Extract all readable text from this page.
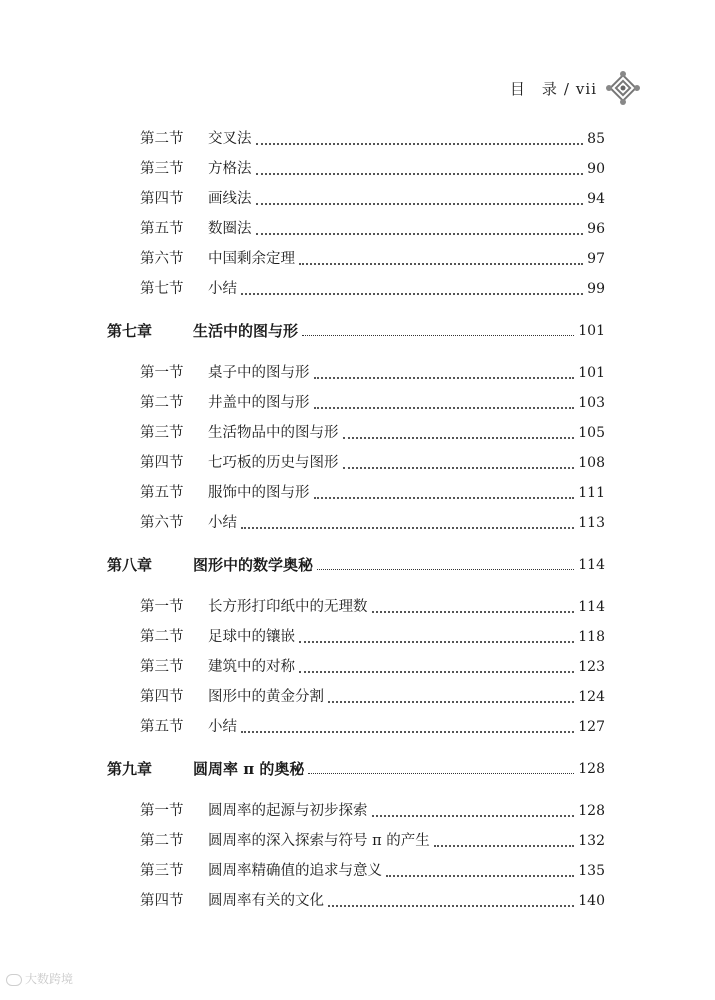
目　录 / vii
第二节	交叉法	85
第三节	方格法	90
第四节	画线法	94
第五节	数圈法	96
第六节	中国剩余定理	97
第七节	小结	99
第七章	生活中的图与形	101
第一节	桌子中的图与形	101
第二节	井盖中的图与形	103
第三节	生活物品中的图与形	105
第四节	七巧板的历史与图形	108
第五节	服饰中的图与形	111
第六节	小结	113
第八章	图形中的数学奥秘	114
第一节	长方形打印纸中的无理数	114
第二节	足球中的镶嵌	118
第三节	建筑中的对称	123
第四节	图形中的黄金分割	124
第五节	小结	127
第九章	圆周率 π 的奥秘	128
第一节	圆周率的起源与初步探索	128
第二节	圆周率的深入探索与符号 π 的产生	132
第三节	圆周率精确值的追求与意义	135
第四节	圆周率有关的文化	140
大数跨境
